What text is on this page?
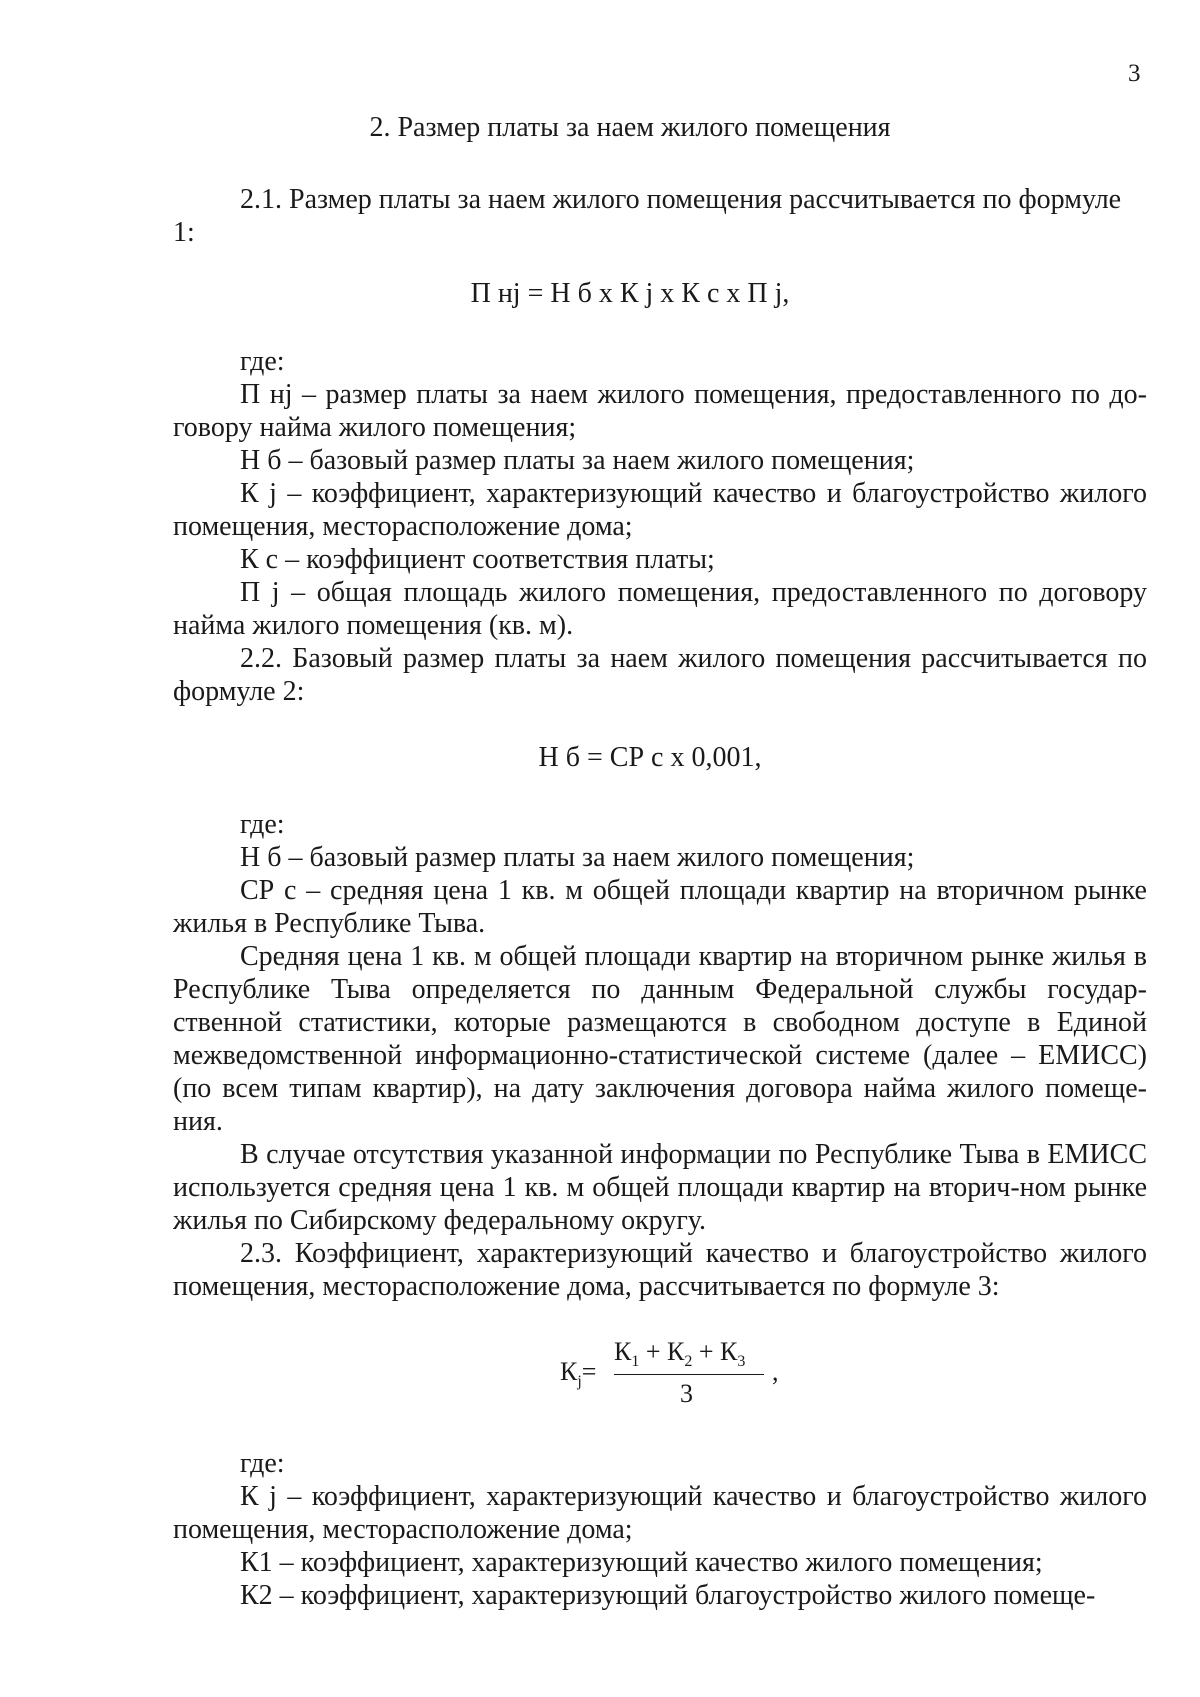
3
2. Размер платы за наем жилого помещения
2.1. Размер платы за наем жилого помещения рассчитывается по формуле
1:
П нj = Н б х К j х К с х П j,
где:
П нj – размер платы за наем жилого помещения, предоставленного по до-говору найма жилого помещения;
Н б – базовый размер платы за наем жилого помещения;
К j – коэффициент, характеризующий качество и благоустройство жилого помещения, месторасположение дома;
К с – коэффициент соответствия платы;
П j – общая площадь жилого помещения, предоставленного по договору найма жилого помещения (кв. м).
2.2. Базовый размер платы за наем жилого помещения рассчитывается по формуле 2:
Н б = СР с х 0,001,
где:
Н б – базовый размер платы за наем жилого помещения;
СР с – средняя цена 1 кв. м общей площади квартир на вторичном рынке жилья в Республике Тыва.
Средняя цена 1 кв. м общей площади квартир на вторичном рынке жилья в Республике Тыва определяется по данным Федеральной службы государ-ственной статистики, которые размещаются в свободном доступе в Единой межведомственной информационно-статистической системе (далее – ЕМИСС) (по всем типам квартир), на дату заключения договора найма жилого помеще-ния.
В случае отсутствия указанной информации по Республике Тыва в ЕМИСС используется средняя цена 1 кв. м общей площади квартир на вторич-ном рынке жилья по Сибирскому федеральному округу.
2.3. Коэффициент, характеризующий качество и благоустройство жилого помещения, месторасположение дома, рассчитывается по формуле 3:
$К_j=$
$К_1 + К_2 + К_3$
3
,
где:
К j – коэффициент, характеризующий качество и благоустройство жилого помещения, месторасположение дома;
К1 – коэффициент, характеризующий качество жилого помещения;
К2 – коэффициент, характеризующий благоустройство жилого помеще-
